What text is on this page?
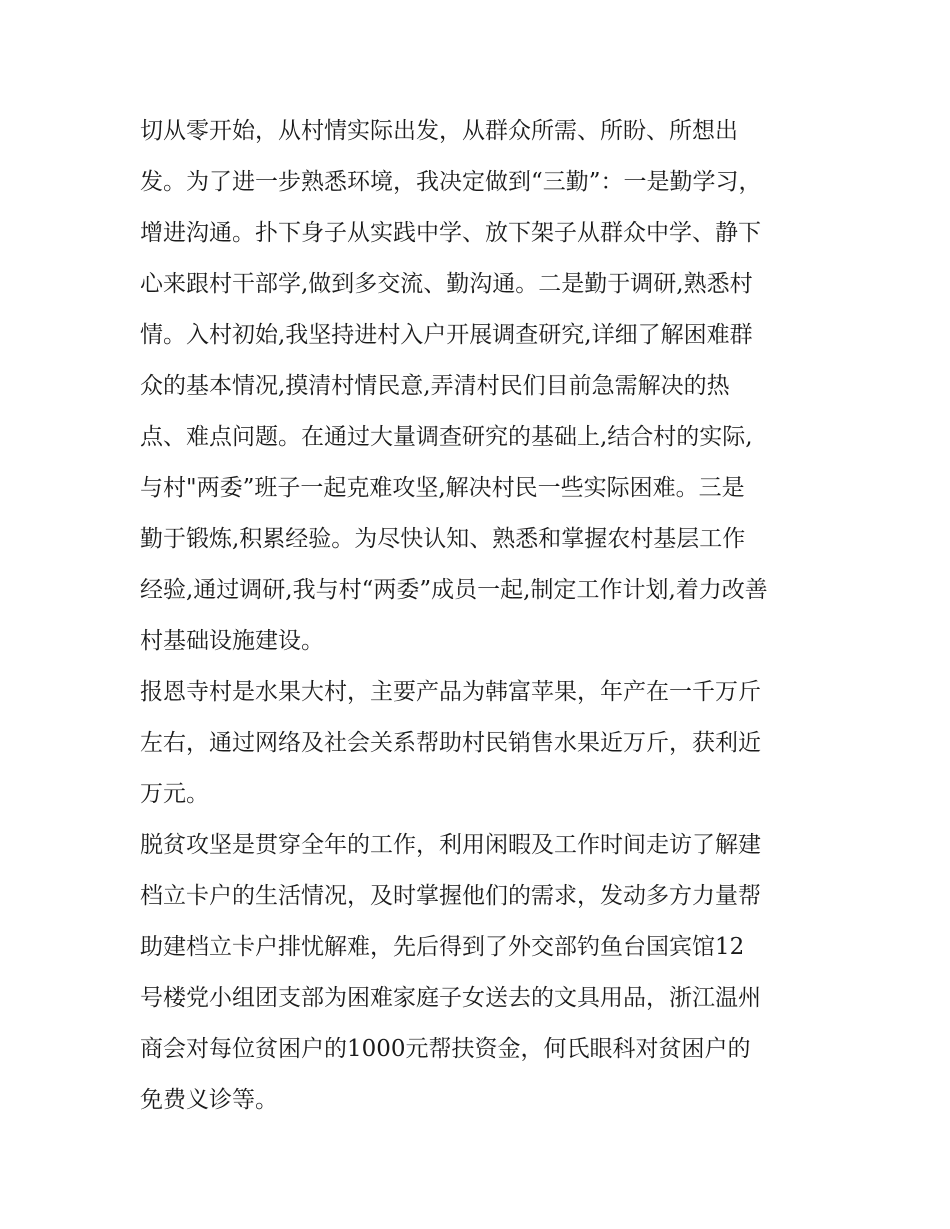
切从零开始，从村情实际出发，从群众所需、所盼、所想出
发。为了进一步熟悉环境，我决定做到“三勤”：一是勤学习，
增进沟通。扑下身子从实践中学、放下架子从群众中学、静下
心来跟村干部学,做到多交流、勤沟通。二是勤于调研,熟悉村
情。入村初始,我坚持进村入户开展调查研究,详细了解困难群
众的基本情况,摸清村情民意,弄清村民们目前急需解决的热
点、难点问题。在通过大量调查研究的基础上,结合村的实际,
与村"两委”班子一起克难攻坚,解决村民一些实际困难。三是
勤于锻炼,积累经验。为尽快认知、熟悉和掌握农村基层工作
经验,通过调研,我与村“两委”成员一起,制定工作计划,着力改善
村基础设施建设。

报恩寺村是水果大村，主要产品为韩富苹果，年产在一千万斤
左右，通过网络及社会关系帮助村民销售水果近万斤，获利近
万元。

脱贫攻坚是贯穿全年的工作，利用闲暇及工作时间走访了解建
档立卡户的生活情况，及时掌握他们的需求，发动多方力量帮
助建档立卡户排忧解难，先后得到了外交部钓鱼台国宾馆12
号楼党小组团支部为困难家庭子女送去的文具用品，浙江温州
商会对每位贫困户的1000元帮扶资金，何氏眼科对贫困户的
免费义诊等。
